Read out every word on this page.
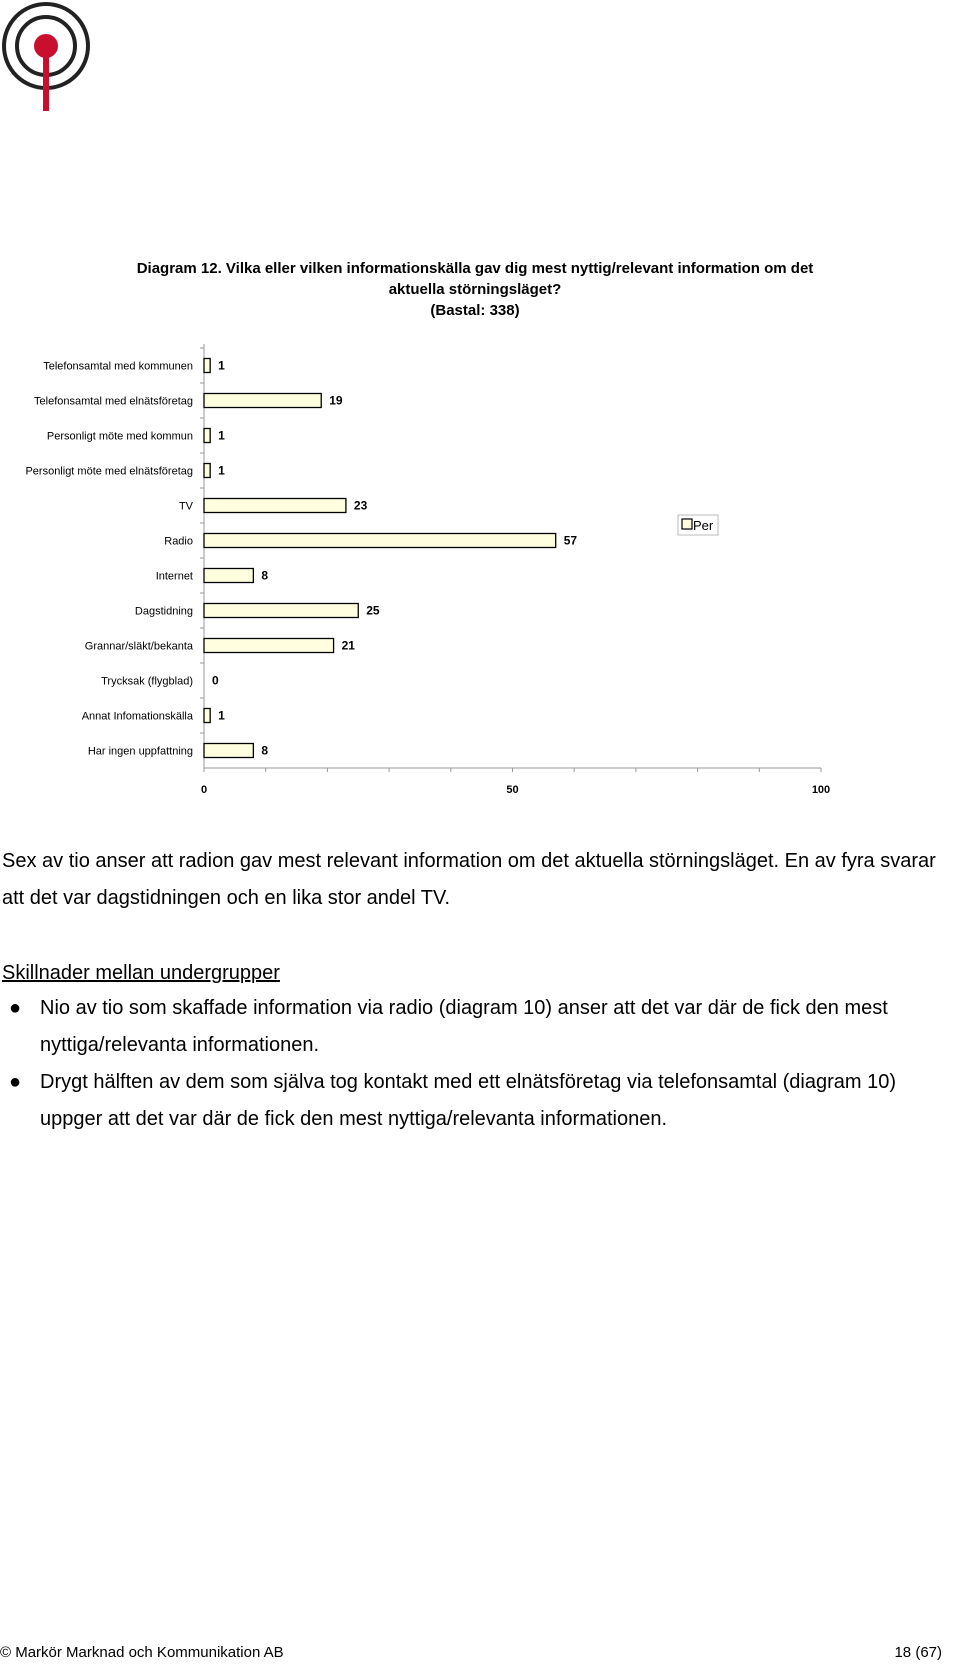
Diagram 12. Vilka eller vilken informationskälla gav dig mest nyttig/relevant information om det
aktuella störningsläget?
(Bastal: 338)
0	50	100
Telefonsamtal med kommunen 1
Telefonsamtal med elnätsföretag	19
Personligt möte med kommun 1
Personligt möte med elnätsföretag 1
TV	23
Radio	57
Internet	8
Dagstidning	25
Grannar/släkt/bekanta	21
Trycksak (flygblad) 0
Annat Infomationskälla 1
Har ingen uppfattning	8
Per
Sex av tio anser att radion gav mest relevant information om det aktuella störningsläget. En av fyra svarar att det var dagstidningen och en lika stor andel TV.
Skillnader mellan undergrupper
● Nio av tio som skaffade information via radio (diagram 10) anser att det var där de fick den mest nyttiga/relevanta informationen.
● Drygt hälften av dem som själva tog kontakt med ett elnätsföretag via telefonsamtal (diagram 10) uppger att det var där de fick den mest nyttiga/relevanta informationen.
© Markör Marknad och Kommunikation AB	18 (67)
